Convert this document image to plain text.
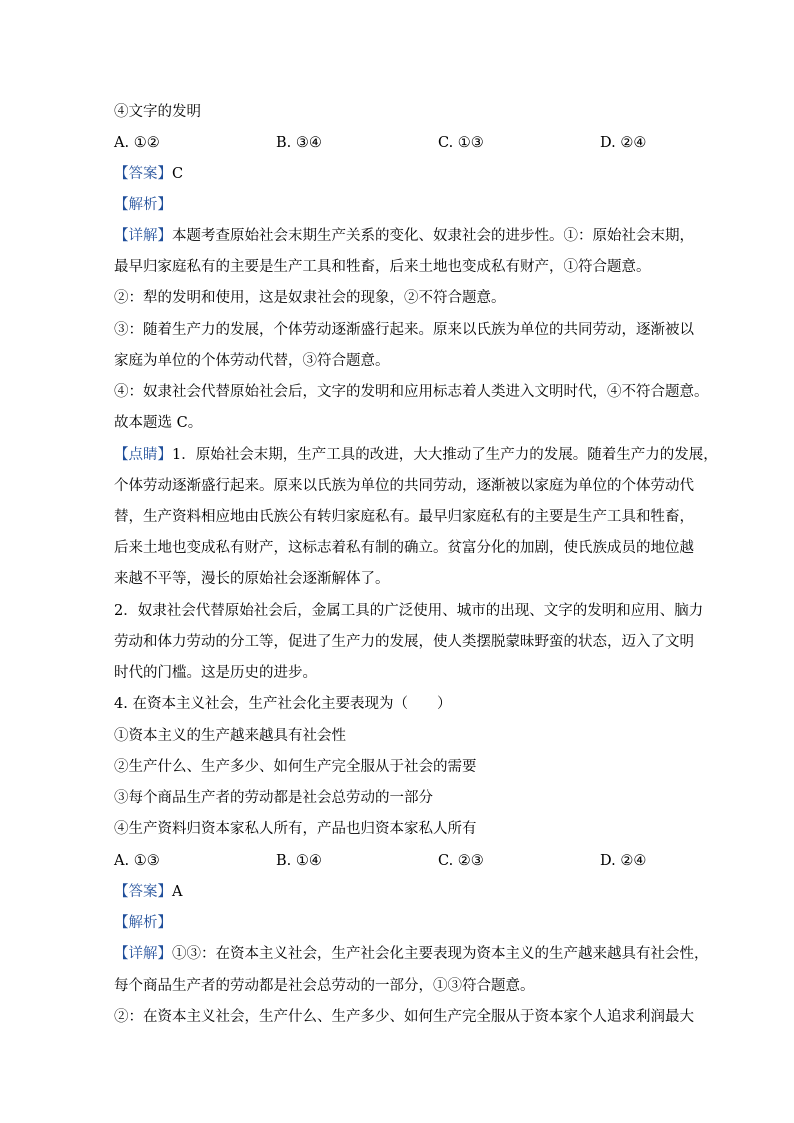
④文字的发明
A. ①②	B. ③④	C. ①③	D. ②④
【答案】C
【解析】
【详解】本题考查原始社会末期生产关系的变化、奴隶社会的进步性。①：原始社会末期，
最早归家庭私有的主要是生产工具和牲畜，后来土地也变成私有财产，①符合题意。
②：犁的发明和使用，这是奴隶社会的现象，②不符合题意。
③：随着生产力的发展，个体劳动逐渐盛行起来。原来以氏族为单位的共同劳动，逐渐被以
家庭为单位的个体劳动代替，③符合题意。
④：奴隶社会代替原始社会后，文字的发明和应用标志着人类进入文明时代，④不符合题意。
故本题选 C。
【点睛】1．原始社会末期，生产工具的改进，大大推动了生产力的发展。随着生产力的发展，
个体劳动逐渐盛行起来。原来以氏族为单位的共同劳动，逐渐被以家庭为单位的个体劳动代
替，生产资料相应地由氏族公有转归家庭私有。最早归家庭私有的主要是生产工具和牲畜，
后来土地也变成私有财产，这标志着私有制的确立。贫富分化的加剧，使氏族成员的地位越
来越不平等，漫长的原始社会逐渐解体了。
2．奴隶社会代替原始社会后，金属工具的广泛使用、城市的出现、文字的发明和应用、脑力
劳动和体力劳动的分工等，促进了生产力的发展，使人类摆脱蒙昧野蛮的状态，迈入了文明
时代的门槛。这是历史的进步。
4. 在资本主义社会，生产社会化主要表现为（　　）
①资本主义的生产越来越具有社会性
②生产什么、生产多少、如何生产完全服从于社会的需要
③每个商品生产者的劳动都是社会总劳动的一部分
④生产资料归资本家私人所有，产品也归资本家私人所有
A. ①③	B. ①④	C. ②③	D. ②④
【答案】A
【解析】
【详解】①③：在资本主义社会，生产社会化主要表现为资本主义的生产越来越具有社会性，
每个商品生产者的劳动都是社会总劳动的一部分，①③符合题意。
②：在资本主义社会，生产什么、生产多少、如何生产完全服从于资本家个人追求利润最大
